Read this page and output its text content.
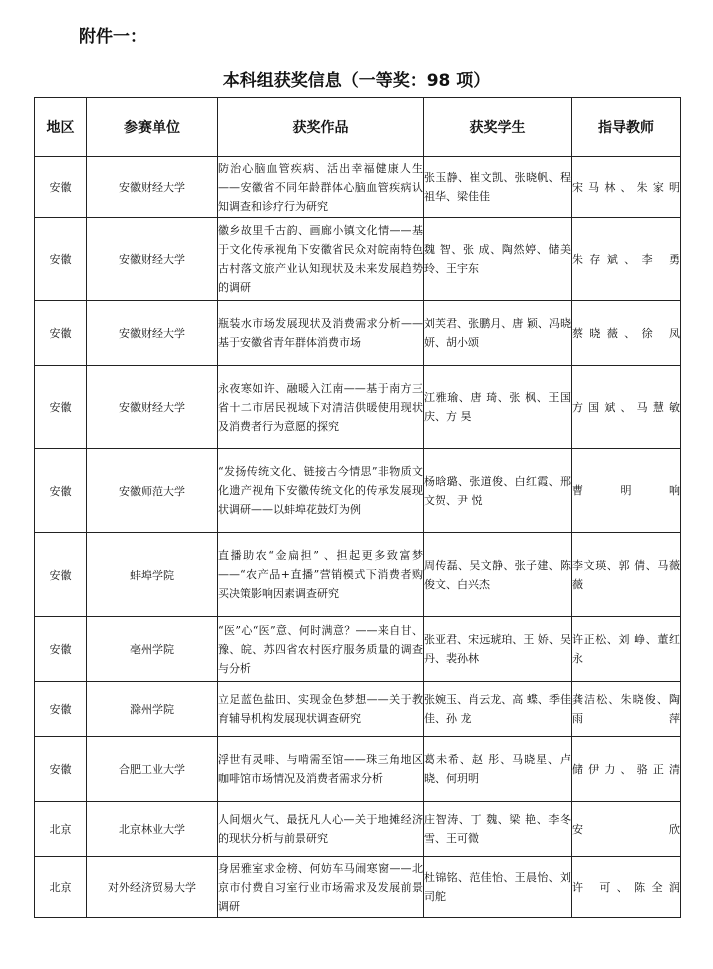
附件一：
本科组获奖信息（一等奖：98 项）
地区	参赛单位	获奖作品	获奖学生	指导教师
安徽	安徽财经大学	防治心脑血管疾病、活出幸福健康人生——安徽省不同年龄群体心脑血管疾病认知调查和诊疗行为研究	张玉静、崔文凯、张晓帆、程祖华、梁佳佳	宋马林、朱家明
安徽	安徽财经大学	徽乡故里千古韵、画廊小镇文化情——基于文化传承视角下安徽省民众对皖南特色古村落文旅产业认知现状及未来发展趋势的调研	魏 智、张 成、陶然婷、储美玲、王宇东	朱存斌、李 勇
安徽	安徽财经大学	瓶装水市场发展现状及消费需求分析——基于安徽省青年群体消费市场	刘芙君、张鹏月、唐 颖、冯晓妍、胡小颂	蔡晓薇、徐 凤
安徽	安徽财经大学	永夜寒如许、融暖入江南——基于南方三省十二市居民视域下对清洁供暖使用现状及消费者行为意愿的探究	江雅瑜、唐 琦、张 枫、王国庆、方 昊	方国斌、马慧敏
安徽	安徽师范大学	“发扬传统文化、链接古今情思”非物质文化遗产视角下安徽传统文化的传承发展现状调研——以蚌埠花鼓灯为例	杨晗璐、张道俊、白红霞、邢文贺、尹 悦	曹明响
安徽	蚌埠学院	直播助农“金扁担” 、担起更多致富梦——“农产品+直播”营销模式下消费者购买决策影响因素调查研究	周传磊、吴文静、张子建、陈俊文、白兴杰	李文瑛、郭 倩、马薇薇
安徽	亳州学院	“医”心“医”意、何时满意？——来自甘、豫、皖、苏四省农村医疗服务质量的调查与分析	张亚君、宋远琥珀、王 娇、吴 丹、裴孙林	许正松、刘 峥、董红永
安徽	滁州学院	立足蓝色盐田、实现金色梦想——关于教育辅导机构发展现状调查研究	张婉玉、肖云龙、高 蝶、季佳佳、孙 龙	龚洁松、朱晓俊、陶雨萍
安徽	合肥工业大学	浮世有灵啡、与啃需至馆——珠三角地区咖啡馆市场情况及消费者需求分析	葛未希、赵 彤、马晓星、卢 晓、何玥明	储伊力、骆正清
北京	北京林业大学	人间烟火气、最抚凡人心—关于地摊经济的现状分析与前景研究	庄智涛、丁 魏、梁 艳、李冬雪、王可微	安 欣
北京	对外经济贸易大学	身居雅室求金榜、何妨车马闹寒窗——北京市付费自习室行业市场需求及发展前景调研	杜锦铭、范佳怡、王晨怡、刘司舵	许 可、陈全润
